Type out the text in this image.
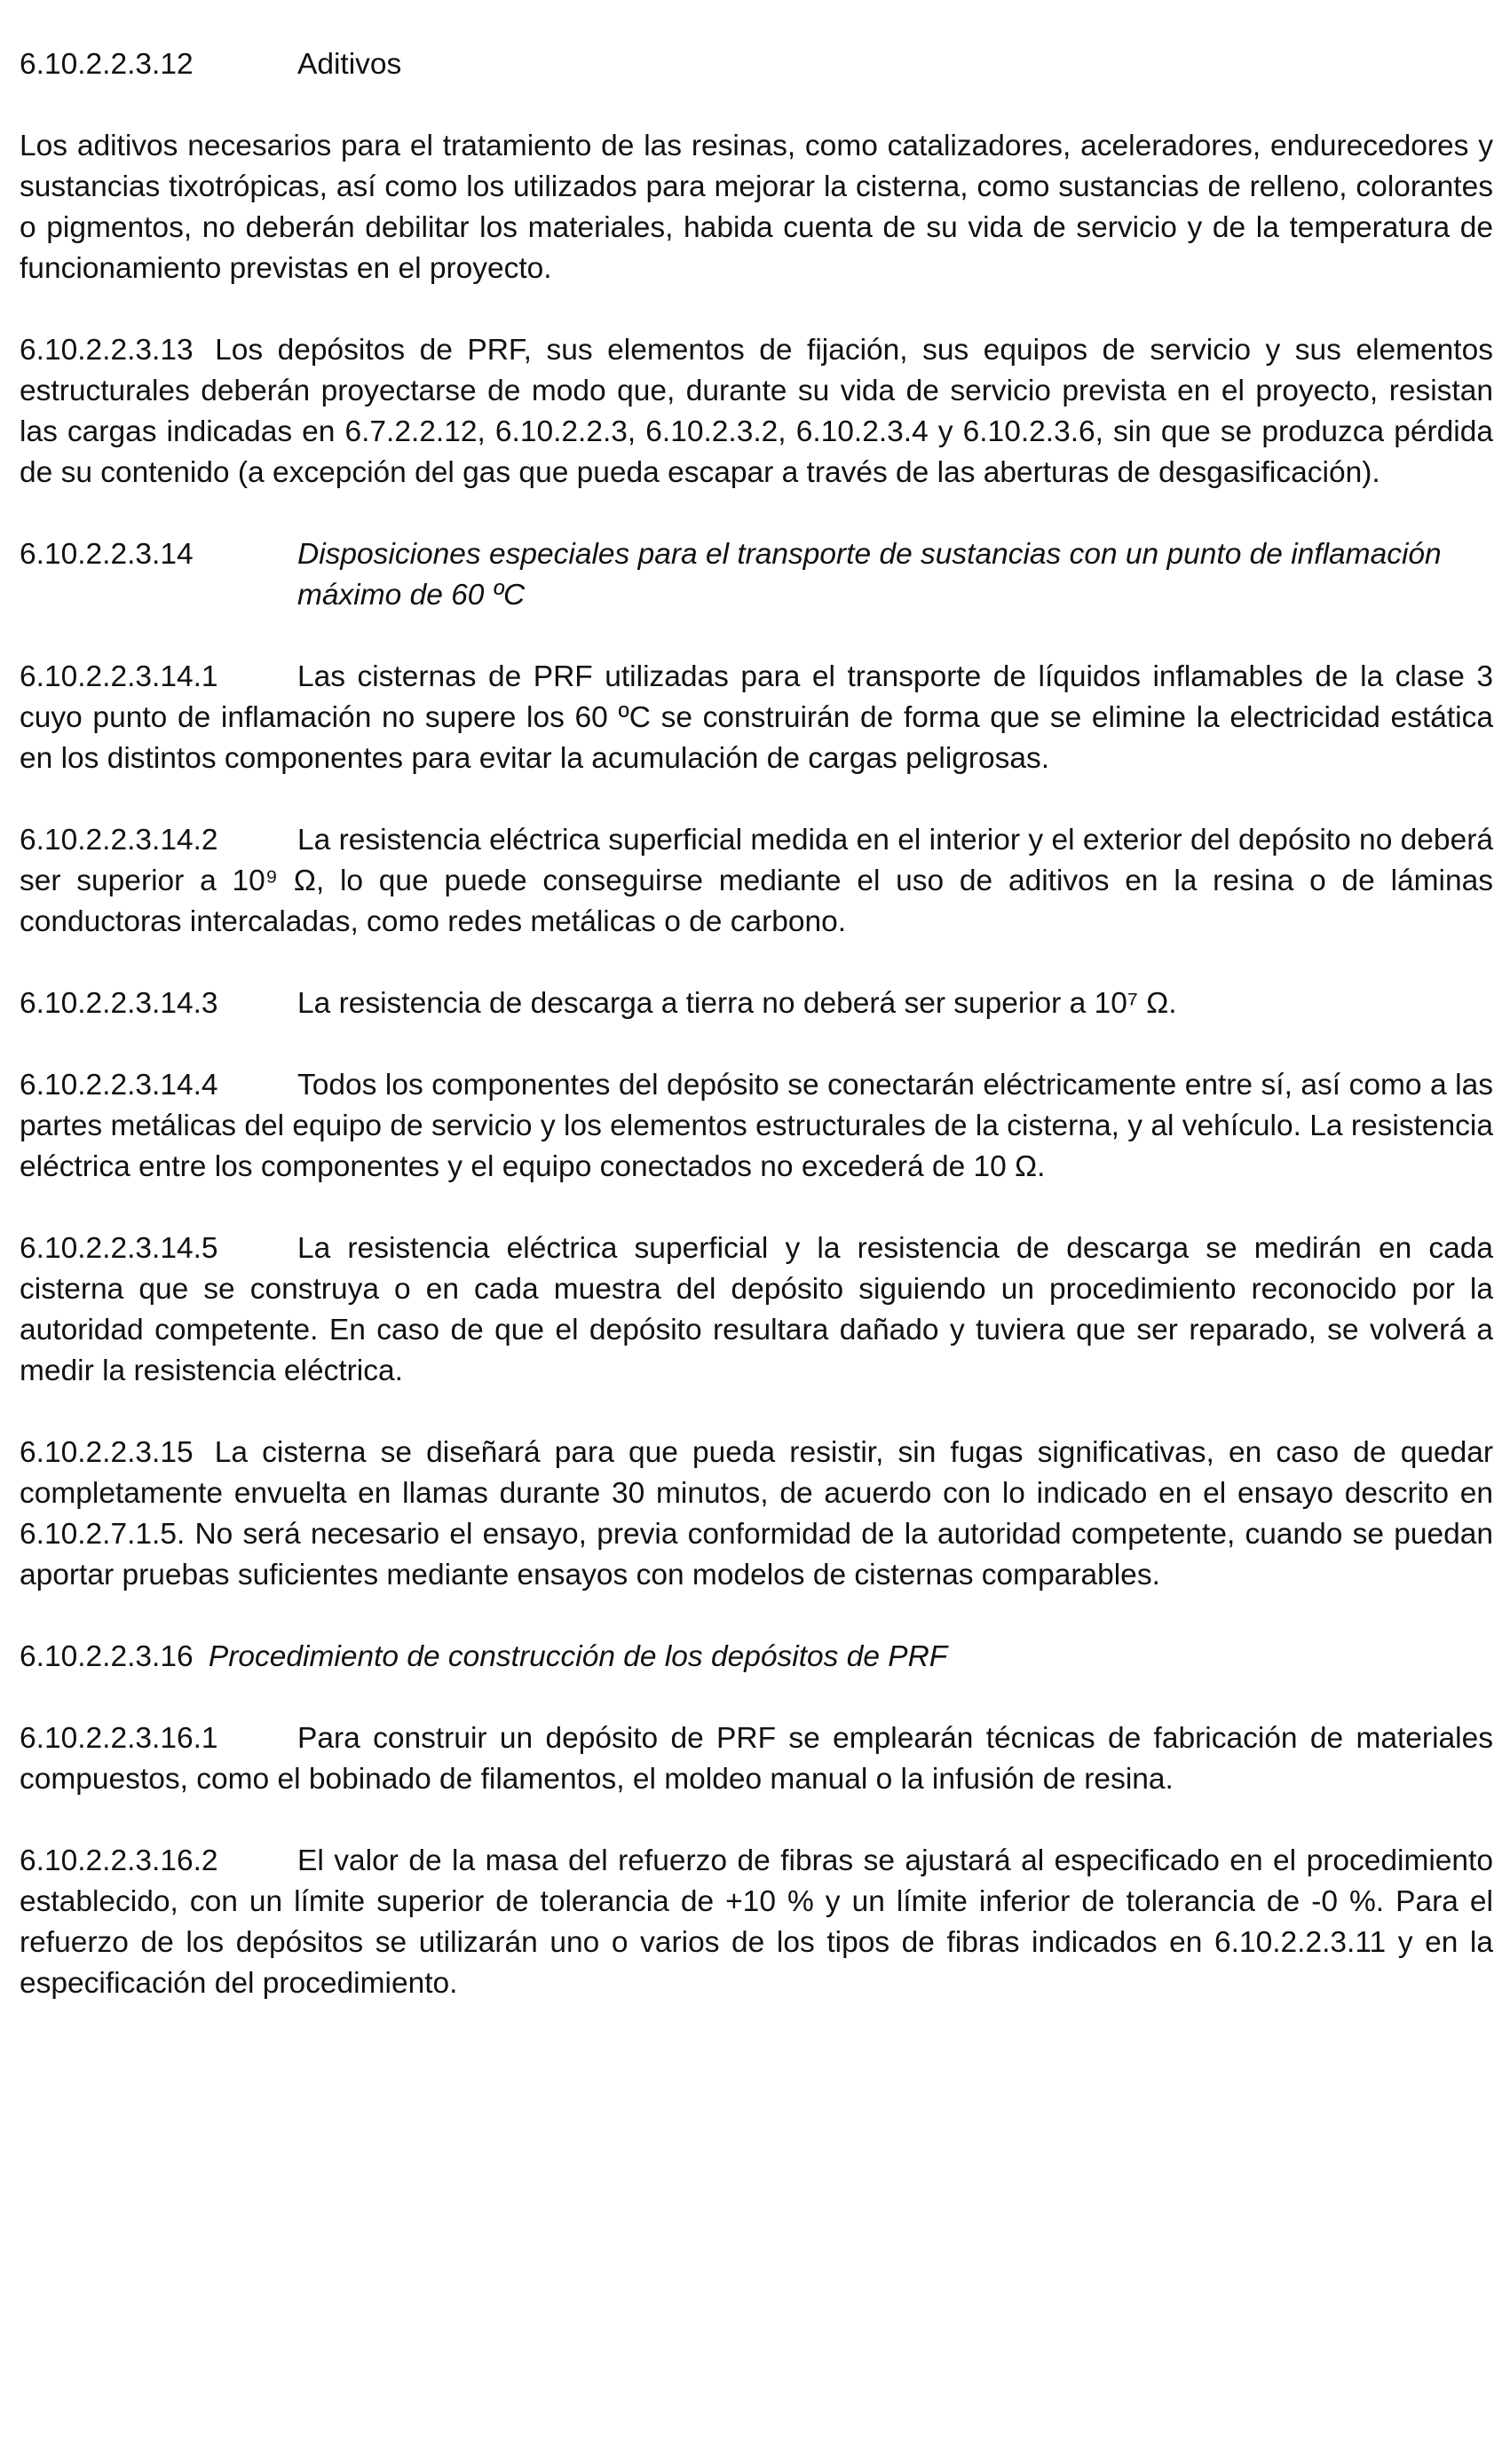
6.10.2.2.3.12	Aditivos

Los aditivos necesarios para el tratamiento de las resinas, como catalizadores, aceleradores, endurecedores y sustancias tixotrópicas, así como los utilizados para mejorar la cisterna, como sustancias de relleno, colorantes o pigmentos, no deberán debilitar los materiales, habida cuenta de su vida de servicio y de la temperatura de funcionamiento previstas en el proyecto.

6.10.2.2.3.13 Los depósitos de PRF, sus elementos de fijación, sus equipos de servicio y sus elementos estructurales deberán proyectarse de modo que, durante su vida de servicio prevista en el proyecto, resistan las cargas indicadas en 6.7.2.2.12, 6.10.2.2.3, 6.10.2.3.2, 6.10.2.3.4 y 6.10.2.3.6, sin que se produzca pérdida de su contenido (a excepción del gas que pueda escapar a través de las aberturas de desgasificación).

6.10.2.2.3.14	Disposiciones especiales para el transporte de sustancias con un punto de inflamación máximo de 60 ºC

6.10.2.2.3.14.1	Las cisternas de PRF utilizadas para el transporte de líquidos inflamables de la clase 3 cuyo punto de inflamación no supere los 60 ºC se construirán de forma que se elimine la electricidad estática en los distintos componentes para evitar la acumulación de cargas peligrosas.

6.10.2.2.3.14.2	La resistencia eléctrica superficial medida en el interior y el exterior del depósito no deberá ser superior a 10⁹ Ω, lo que puede conseguirse mediante el uso de aditivos en la resina o de láminas conductoras intercaladas, como redes metálicas o de carbono.

6.10.2.2.3.14.3	La resistencia de descarga a tierra no deberá ser superior a 10⁷ Ω.

6.10.2.2.3.14.4	Todos los componentes del depósito se conectarán eléctricamente entre sí, así como a las partes metálicas del equipo de servicio y los elementos estructurales de la cisterna, y al vehículo. La resistencia eléctrica entre los componentes y el equipo conectados no excederá de 10 Ω.

6.10.2.2.3.14.5	La resistencia eléctrica superficial y la resistencia de descarga se medirán en cada cisterna que se construya o en cada muestra del depósito siguiendo un procedimiento reconocido por la autoridad competente. En caso de que el depósito resultara dañado y tuviera que ser reparado, se volverá a medir la resistencia eléctrica.

6.10.2.2.3.15 La cisterna se diseñará para que pueda resistir, sin fugas significativas, en caso de quedar completamente envuelta en llamas durante 30 minutos, de acuerdo con lo indicado en el ensayo descrito en 6.10.2.7.1.5. No será necesario el ensayo, previa conformidad de la autoridad competente, cuando se puedan aportar pruebas suficientes mediante ensayos con modelos de cisternas comparables.

6.10.2.2.3.16 Procedimiento de construcción de los depósitos de PRF

6.10.2.2.3.16.1	Para construir un depósito de PRF se emplearán técnicas de fabricación de materiales compuestos, como el bobinado de filamentos, el moldeo manual o la infusión de resina.

6.10.2.2.3.16.2	El valor de la masa del refuerzo de fibras se ajustará al especificado en el procedimiento establecido, con un límite superior de tolerancia de +10 % y un límite inferior de tolerancia de -0 %. Para el refuerzo de los depósitos se utilizarán uno o varios de los tipos de fibras indicados en 6.10.2.2.3.11 y en la especificación del procedimiento.
